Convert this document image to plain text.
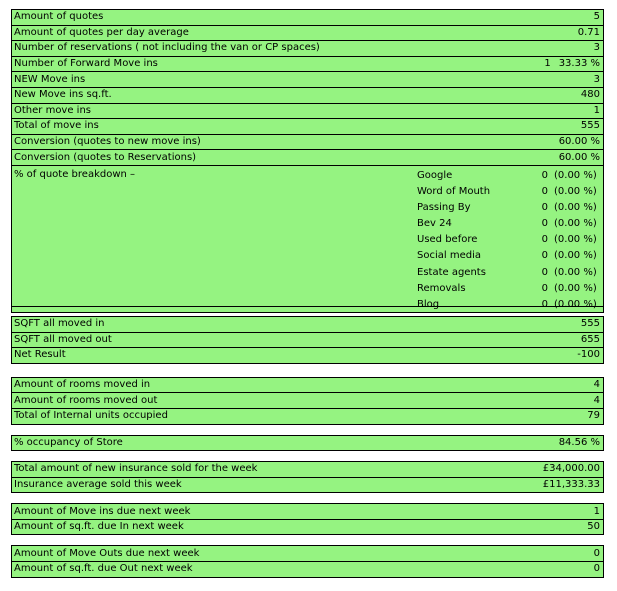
Amount of quotes	5
Amount of quotes per day average	0.71
Number of reservations ( not including the van or CP spaces)	3
Number of Forward Move ins	1 33.33 %
NEW Move ins	3
New Move ins sq.ft.	480
Other move ins	1
Total of move ins	555
Conversion (quotes to new move ins)	60.00 %
Conversion (quotes to Reservations)	60.00 %
% of quote breakdown –	Google	0 (0.00 %)
Word of Mouth	0 (0.00 %)
Passing By	0 (0.00 %)
Bev 24	0 (0.00 %)
Used before	0 (0.00 %)
Social media	0 (0.00 %)
Estate agents	0 (0.00 %)
Removals	0 (0.00 %)
Blog	0 (0.00 %)
SQFT all moved in	555
SQFT all moved out	655
Net Result	-100
Amount of rooms moved in	4
Amount of rooms moved out	4
Total of Internal units occupied	79
% occupancy of Store	84.56 %
Total amount of new insurance sold for the week	£34,000.00
Insurance average sold this week	£11,333.33
Amount of Move ins due next week	1
Amount of sq.ft. due In next week	50
Amount of Move Outs due next week	0
Amount of sq.ft. due Out next week	0
